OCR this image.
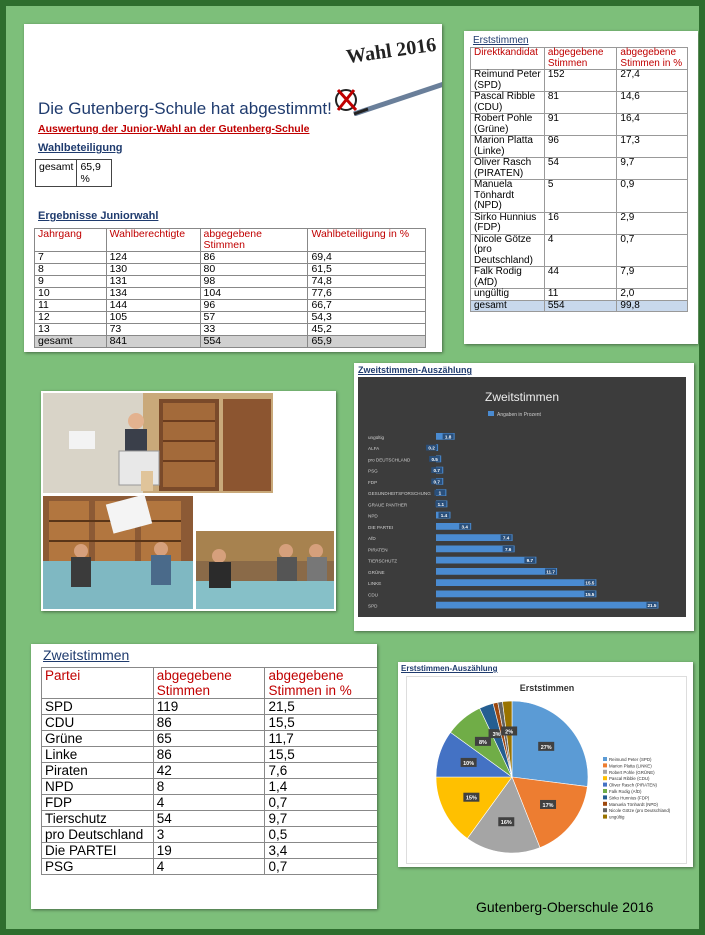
Wahl 2016
Die Gutenberg-Schule hat abgestimmt!
Auswertung der Junior-Wahl an der Gutenberg-Schule
Wahlbeteiligung
gesamt	65,9 %
Ergebnisse Juniorwahl
Jahrgang	Wahlberechtigte	abgegebene Stimmen	Wahlbeteiligung in %
7	124	86	69,4
8	130	80	61,5
9	131	98	74,8
10	134	104	77,6
11	144	96	66,7
12	105	57	54,3
13	73	33	45,2
gesamt	841	554	65,9
Erststimmen
Direktkandidat	abgegebene Stimmen	abgegebene Stimmen in %
Reimund Peter (SPD)	152	27,4
Pascal Ribble (CDU)	81	14,6
Robert Pohle (Grüne)	91	16,4
Marion Platta (Linke)	96	17,3
Oliver Rasch (PIRATEN)	54	9,7
Manuela Tönhardt (NPD)	5	0,9
Sirko Hunnius (FDP)	16	2,9
Nicole Götze (pro Deutschland)	4	0,7
Falk Rodig (AfD)	44	7,9
ungültig	11	2,0
gesamt	554	99,8
Zweitstimmen-Auszählung
Zweitstimmen
Angaben in Prozent
ungültig	1.8
ALFA	0.2
pro DEUTSCHLAND	0.5
PSG	0.7
FDP	0.7
GESUNDHEITSFORSCHUNG 1
GRAUE PANTHER	1.1
NPD	1.4
DIE PARTEI	3.4
AfD	7.4
PIRATEN	7.6
TIERSCHUTZ	9.7
GRÜNE	11.7
LINKE	15.5
CDU	15.5
SPD	21.5
Zweitstimmen
Partei	abgegebene Stimmen	abgegebene Stimmen in %
SPD	119	21,5
CDU	86	15,5
Grüne	65	11,7
Linke	86	15,5
Piraten	42	7,6
NPD	8	1,4
FDP	4	0,7
Tierschutz	54	9,7
pro Deutschland	3	0,5
Die PARTEI	19	3,4
PSG	4	0,7
Erststimmen-Auszählung
Erststimmen
27%
17%
16%
15%
10%
8%
3% 2%
Reimund Peter (SPD)
Marion Platta (LINKE)
Robert Pohle (GRÜNE)
Pascal Ribble (CDU)
Oliver Rasch (PIRATEN)
Falk Rodig (AfD)
Sirko Hunnius (FDP)
Manuela Tönhardt (NPD)
Nicole Götze (pro Deutschland)
ungültig
Gutenberg-Oberschule 2016
